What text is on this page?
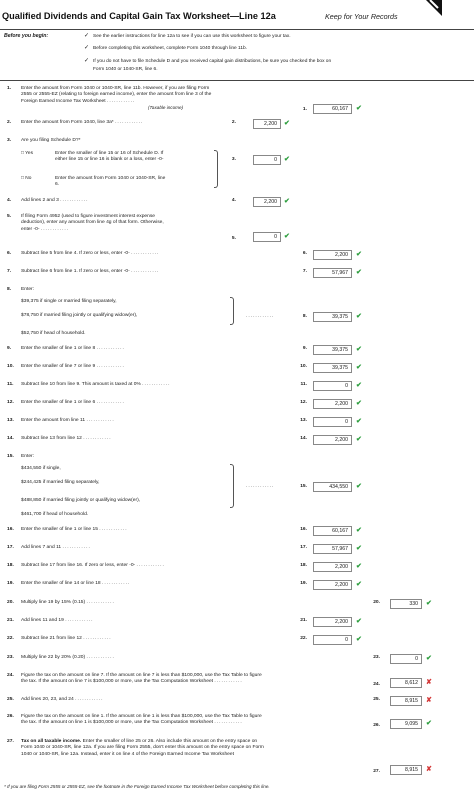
Qualified Dividends and Capital Gain Tax Worksheet—Line 12a	Keep for Your Records
Before you begin:	✓ See the earlier instructions for line 12a to see if you can use this worksheet to figure your tax.
✓ Before completing this worksheet, complete Form 1040 through line 11b.
✓ If you do not have to file Schedule D and you received capital gain distributions, be sure you checked the box on
Form 1040 or 1040-SR, line 6.
1. Enter the amount from Form 1040 or 1040-SR, line 11b. However, if you are filing Form
2555 or 2555-EZ (relating to foreign earned income), enter the amount from line 3 of the
Foreign Earned Income Tax Worksheet ............
(Taxable income)	1.	60,167	✔
2. Enter the amount from Form 1040, line 3a* ............	2.	2,200	✔
3. Are you filing Schedule D?*
□ Yes	Enter the smaller of line 15 or 16 of Schedule D. If
either line 15 or line 16 is blank or a loss, enter -0-
□ No	Enter the amount from Form 1040 or 1040-SR, line
6.
3.	0	✔
4. Add lines 2 and 3 ............	4.	2,200	✔
5. If filing Form 4952 (used to figure investment interest expense
deduction), enter any amount from line 4g of that form. Otherwise,
enter -0- ............
5.	0	✔
6. Subtract line 5 from line 4. If zero or less, enter -0- ............	6.	2,200	✔
7. Subtract line 6 from line 1. If zero or less, enter -0- ............	7.	57,967	✔
8. Enter:
$39,375 if single or married filing separately,
$78,750 if married filing jointly or qualifying widow(er),
$52,750 if head of household.
............	8.	39,375	✔
9. Enter the smaller of line 1 or line 8 ............	9.	39,375	✔
10. Enter the smaller of line 7 or line 9 ............	10.	39,375	✔
11. Subtract line 10 from line 9. This amount is taxed at 0% ............	11.	0	✔
12. Enter the smaller of line 1 or line 6 ............	12.	2,200	✔
13. Enter the amount from line 11 ............	13.	0	✔
14. Subtract line 13 from line 12 ............	14.	2,200	✔
15. Enter:
$434,550 if single,
$244,425 if married filing separately,
$488,850 if married filing jointly or qualifying widow(er),
$461,700 if head of household.
............	15.	434,550	✔
16. Enter the smaller of line 1 or line 15 ............	16.	60,167	✔
17. Add lines 7 and 11 ............	17.	57,967	✔
18. Subtract line 17 from line 16. If zero or less, enter -0- ............	18.	2,200	✔
19. Enter the smaller of line 14 or line 18 ............	19.	2,200	✔
20. Multiply line 19 by 15% (0.15) ............	20.	330	✔
21. Add lines 11 and 19 ............	21.	2,200	✔
22. Subtract line 21 from line 12 ............	22.	0	✔
23. Multiply line 22 by 20% (0.20) ............	23.	0	✔
24. Figure the tax on the amount on line 7. If the amount on line 7 is less than $100,000, use the Tax Table to figure
the tax. If the amount on line 7 is $100,000 or more, use the Tax Computation Worksheet ............
24.	8,612	✘
25. Add lines 20, 23, and 24 ............	25.	8,915	✘
26. Figure the tax on the amount on line 1. If the amount on line 1 is less than $100,000, use the Tax Table to figure
the tax. If the amount on line 1 is $100,000 or more, use the Tax Computation Worksheet ............
26.	9,095	✔
27. Tax on all taxable income. Enter the smaller of line 25 or 26. Also include this amount on the entry space on
Form 1040 or 1040-SR, line 12a. If you are filing Form 2555, don't enter this amount on the entry space on Form
1040 or 1040-SR, line 12a. Instead, enter it on line 4 of the Foreign Earned Income Tax Worksheet
27.	8,915	✘
* If you are filing Form 2555 or 2555-EZ, see the footnote in the Foreign Earned Income Tax Worksheet before completing this line.
